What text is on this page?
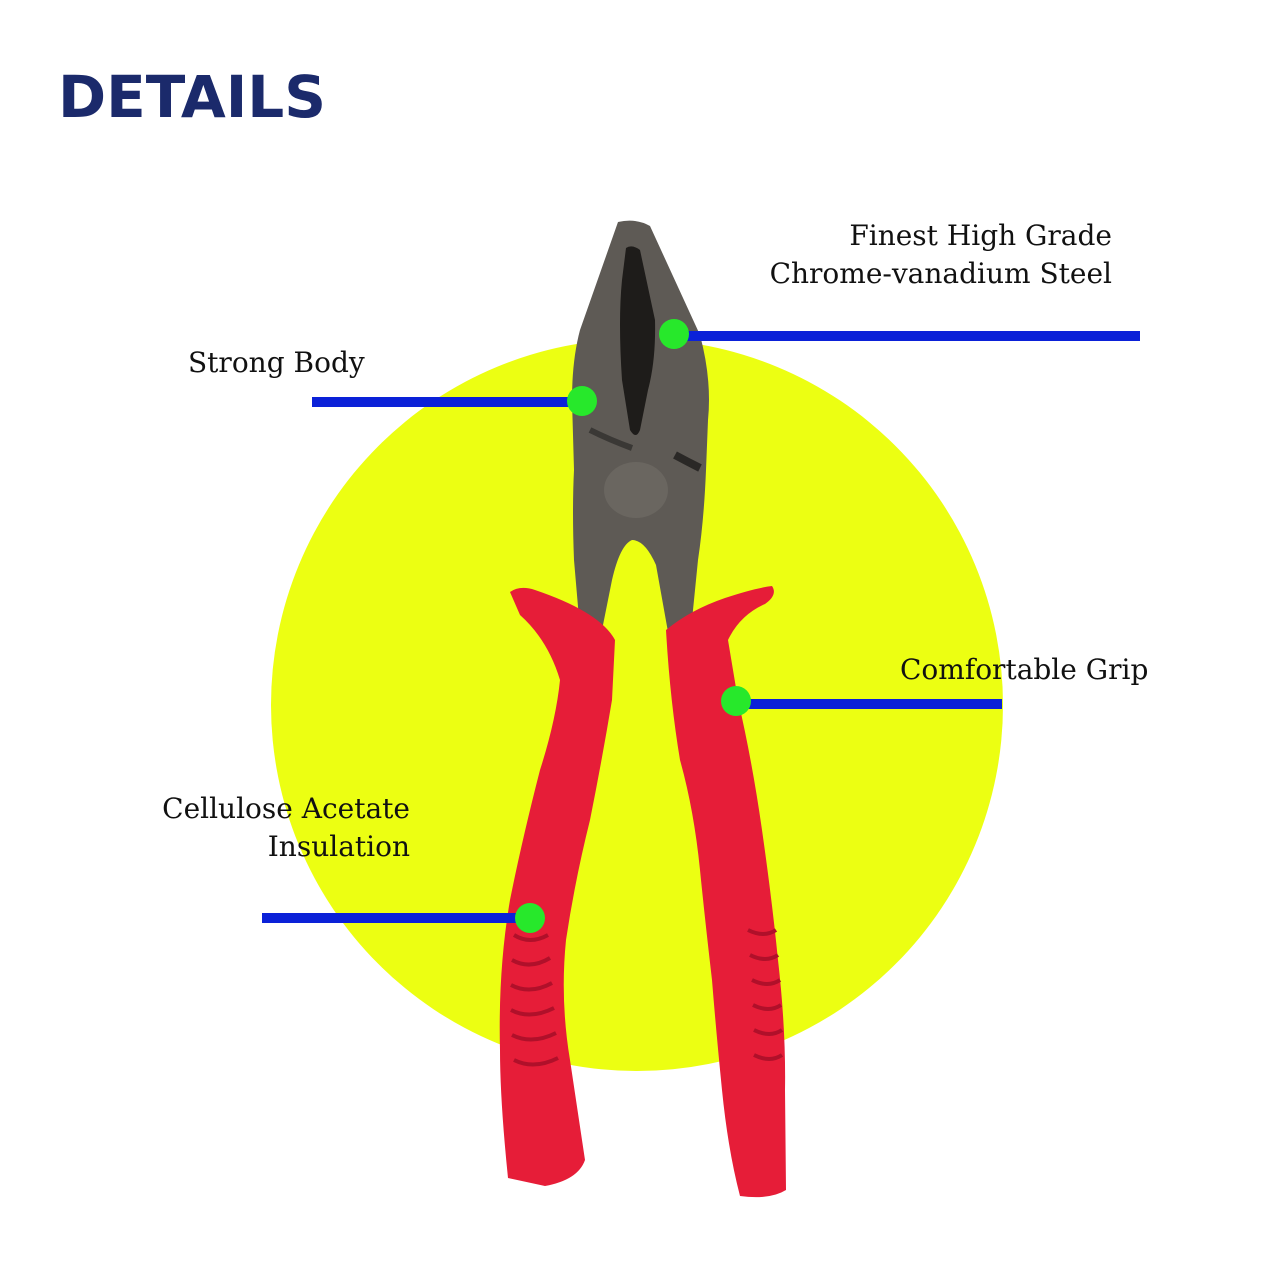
DETAILS
Finest High Grade
Chrome-vanadium Steel
Strong Body
Comfortable Grip
Cellulose Acetate
Insulation
